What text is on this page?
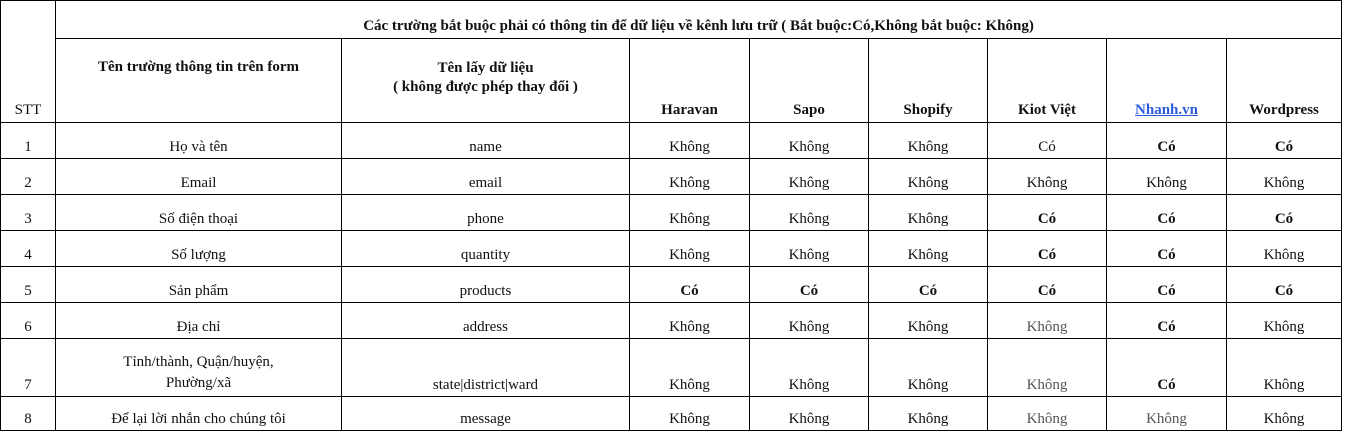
	Các trường bắt buộc phải có thông tin để dữ liệu về kênh lưu trữ ( Bắt buộc:Có,Không bắt buộc: Không)							
STT	Tên trường thông tin trên form	Tên lấy dữ liệu
( không được phép thay đổi )	Haravan	Sapo	Shopify	Kiot Việt	Nhanh.vn	Wordpress
1	Họ và tên	name	Không	Không	Không	Có	Có	Có
2	Email	email	Không	Không	Không	Không	Không	Không
3	Số điện thoại	phone	Không	Không	Không	Có	Có	Có
4	Số lượng	quantity	Không	Không	Không	Có	Có	Không
5	Sản phẩm	products	Có	Có	Có	Có	Có	Có
6	Địa chỉ	address	Không	Không	Không	Không	Có	Không
7	Tỉnh/thành, Quận/huyện,
Phường/xã	state|district|ward	Không	Không	Không	Không	Có	Không
8	Để lại lời nhắn cho chúng tôi	message	Không	Không	Không	Không	Không	Không
